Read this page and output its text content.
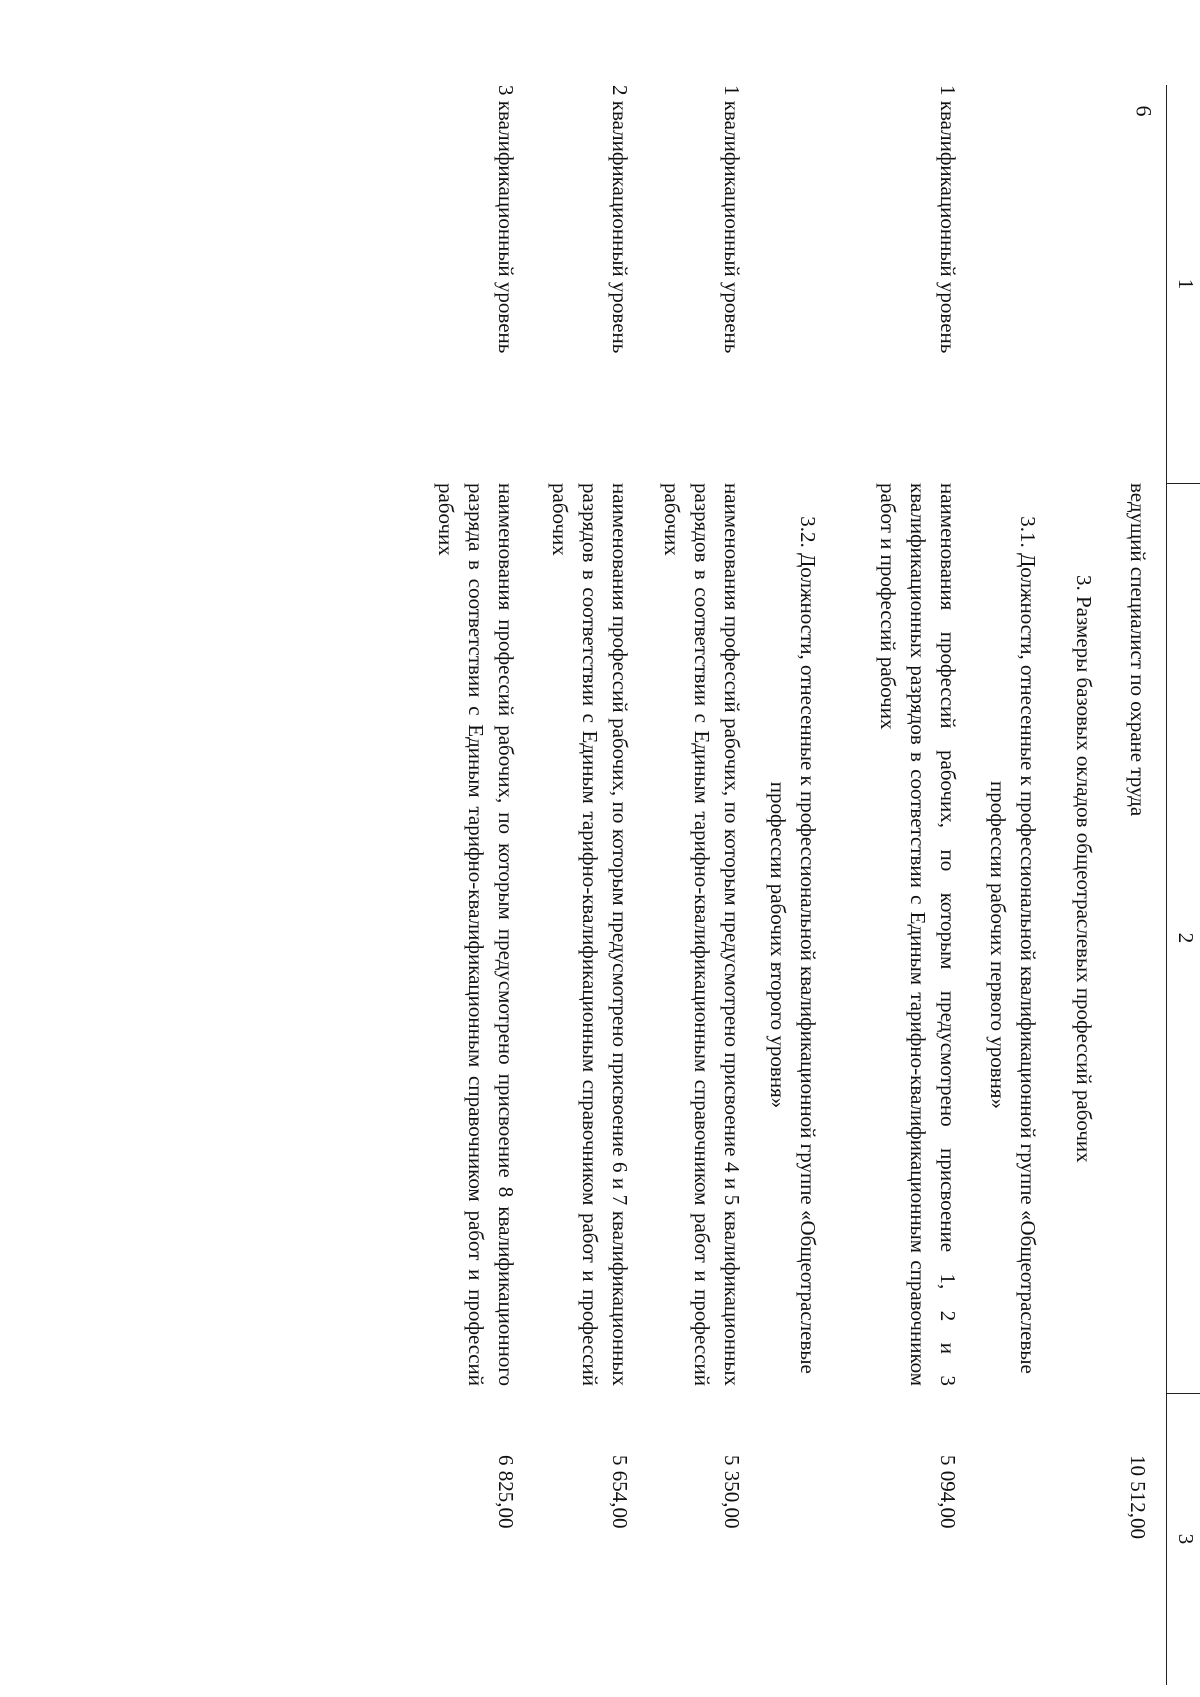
6
1
2
3
ведущий специалист по охране труда
10 512,00
3. Размеры базовых окладов общеотраслевых профессий рабочих
3.1. Должности, отнесенные к профессиональной квалификационной группе «Общеотраслевые профессии рабочих первого уровня»
1 квалификационный уровень
наименования профессий рабочих, по которым предусмотрено присвоение 1, 2 и 3 квалификационных разрядов в соответствии с Единым тарифно-квалификационным справочником работ и профессий рабочих
5 094,00
3.2. Должности, отнесенные к профессиональной квалификационной группе «Общеотраслевые профессии рабочих второго уровня»
1 квалификационный уровень
наименования профессий рабочих, по которым предусмотрено присвоение 4 и 5 квалификационных разрядов в соответствии с Единым тарифно-квалификационным справочником работ и профессий рабочих
5 350,00
2 квалификационный уровень
наименования профессий рабочих, по которым предусмотрено присвоение 6 и 7 квалификационных разрядов в соответствии с Единым тарифно-квалификационным справочником работ и профессий рабочих
5 654,00
3 квалификационный уровень
наименования профессий рабочих, по которым предусмотрено присвоение 8 квалификационного разряда в соответствии с Единым тарифно-квалификационным справочником работ и профессий рабочих
6 825,00
